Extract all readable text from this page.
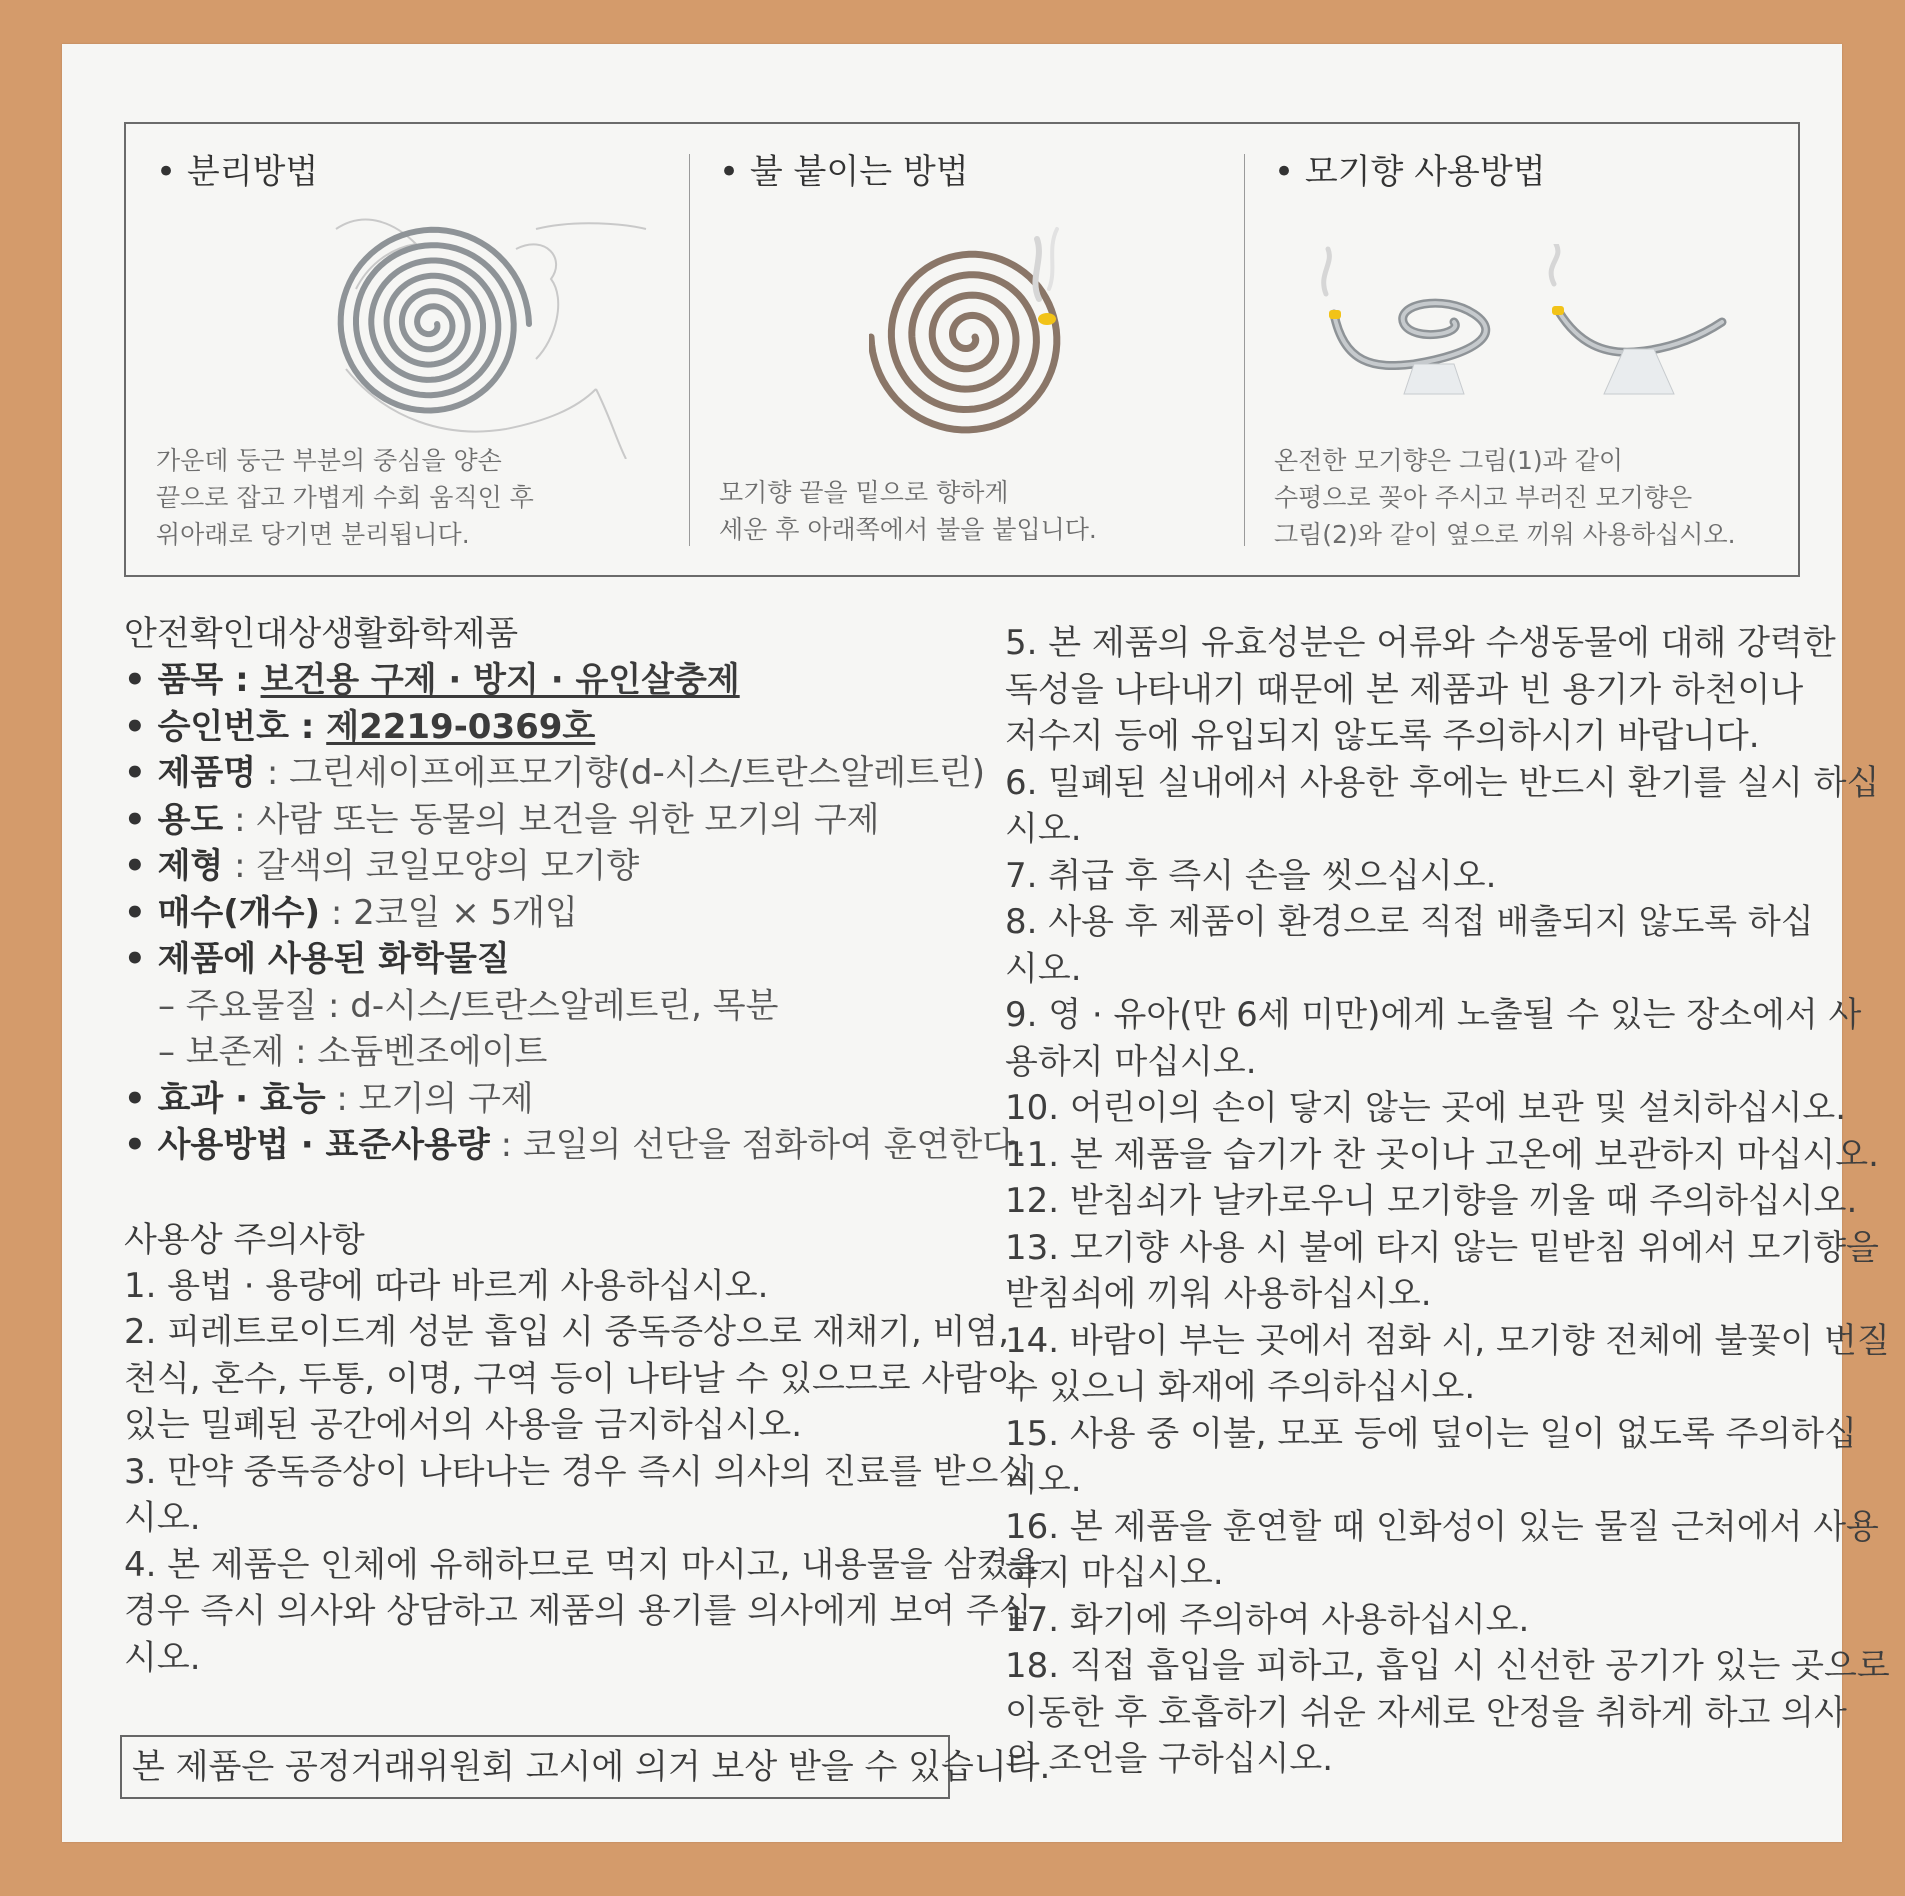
• 분리방법
가운데 둥근 부분의 중심을 양손
끝으로 잡고 가볍게 수회 움직인 후
위아래로 당기면 분리됩니다.
• 불 붙이는 방법
모기향 끝을 밑으로 향하게
세운 후 아래쪽에서 불을 붙입니다.
• 모기향 사용방법
온전한 모기향은 그림(1)과 같이
수평으로 꽂아 주시고 부러진 모기향은
그림(2)와 같이 옆으로 끼워 사용하십시오.
안전확인대상생활화학제품
• 품목 : 보건용 구제 · 방지 · 유인살충제
• 승인번호 : 제2219-0369호
• 제품명 : 그린세이프에프모기향(d-시스/트란스알레트린)
• 용도 : 사람 또는 동물의 보건을 위한 모기의 구제
• 제형 : 갈색의 코일모양의 모기향
• 매수(개수) : 2코일 × 5개입
• 제품에 사용된 화학물질
– 주요물질 : d-시스/트란스알레트린, 목분
– 보존제 : 소듐벤조에이트
• 효과 · 효능 : 모기의 구제
• 사용방법 · 표준사용량 : 코일의 선단을 점화하여 훈연한다.
사용상 주의사항
1. 용법 · 용량에 따라 바르게 사용하십시오.
2. 피레트로이드계 성분 흡입 시 중독증상으로 재채기, 비염,
천식, 혼수, 두통, 이명, 구역 등이 나타날 수 있으므로 사람이
있는 밀폐된 공간에서의 사용을 금지하십시오.
3. 만약 중독증상이 나타나는 경우 즉시 의사의 진료를 받으십
시오.
4. 본 제품은 인체에 유해하므로 먹지 마시고, 내용물을 삼켰을
경우 즉시 의사와 상담하고 제품의 용기를 의사에게 보여 주십
시오.
5. 본 제품의 유효성분은 어류와 수생동물에 대해 강력한
독성을 나타내기 때문에 본 제품과 빈 용기가 하천이나
저수지 등에 유입되지 않도록 주의하시기 바랍니다.
6. 밀폐된 실내에서 사용한 후에는 반드시 환기를 실시 하십
시오.
7. 취급 후 즉시 손을 씻으십시오.
8. 사용 후 제품이 환경으로 직접 배출되지 않도록 하십
시오.
9. 영 · 유아(만 6세 미만)에게 노출될 수 있는 장소에서 사
용하지 마십시오.
10. 어린이의 손이 닿지 않는 곳에 보관 및 설치하십시오.
11. 본 제품을 습기가 찬 곳이나 고온에 보관하지 마십시오.
12. 받침쇠가 날카로우니 모기향을 끼울 때 주의하십시오.
13. 모기향 사용 시 불에 타지 않는 밑받침 위에서 모기향을
받침쇠에 끼워 사용하십시오.
14. 바람이 부는 곳에서 점화 시, 모기향 전체에 불꽃이 번질
수 있으니 화재에 주의하십시오.
15. 사용 중 이불, 모포 등에 덮이는 일이 없도록 주의하십
시오.
16. 본 제품을 훈연할 때 인화성이 있는 물질 근처에서 사용
하지 마십시오.
17. 화기에 주의하여 사용하십시오.
18. 직접 흡입을 피하고, 흡입 시 신선한 공기가 있는 곳으로
이동한 후 호흡하기 쉬운 자세로 안정을 취하게 하고 의사
의 조언을 구하십시오.
본 제품은 공정거래위원회 고시에 의거 보상 받을 수 있습니다.
